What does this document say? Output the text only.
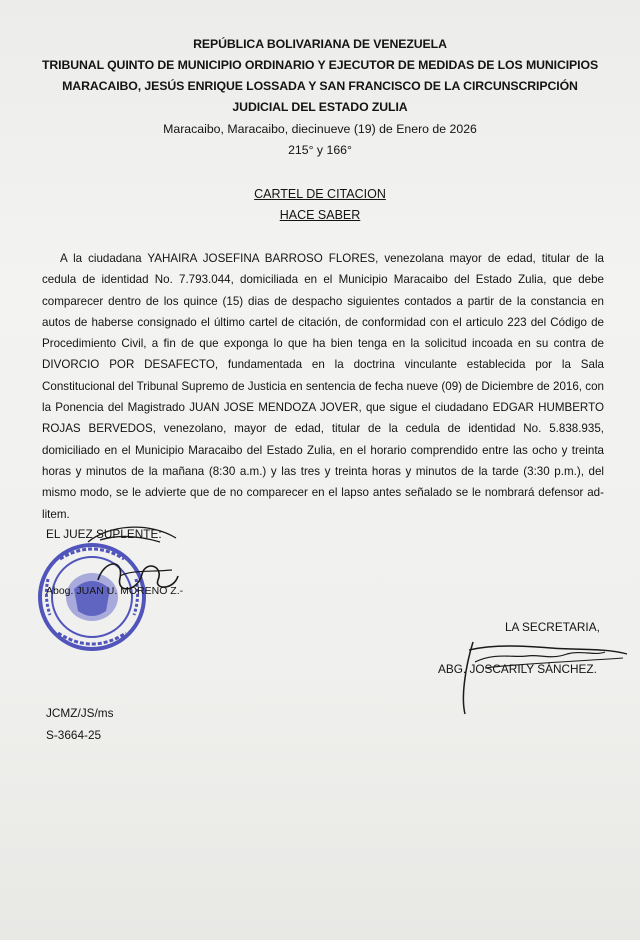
REPÚBLICA BOLIVARIANA DE VENEZUELA
TRIBUNAL QUINTO DE MUNICIPIO ORDINARIO Y EJECUTOR DE MEDIDAS DE LOS MUNICIPIOS
MARACAIBO, JESÚS ENRIQUE LOSSADA Y SAN FRANCISCO DE LA CIRCUNSCRIPCIÓN
JUDICIAL DEL ESTADO ZULIA
Maracaibo, Maracaibo, diecinueve (19) de Enero de 2026
215° y 166°
CARTEL DE CITACION
HACE SABER

A la ciudadana YAHAIRA JOSEFINA BARROSO FLORES, venezolana mayor de edad, titular de la cedula de identidad No. 7.793.044, domiciliada en el Municipio Maracaibo del Estado Zulia, que debe comparecer dentro de los quince (15) dias de despacho siguientes contados a partir de la constancia en autos de haberse consignado el último cartel de citación, de conformidad con el articulo 223 del Código de Procedimiento Civil, a fin de que exponga lo que ha bien tenga en la solicitud incoada en su contra de DIVORCIO POR DESAFECTO, fundamentada en la doctrina vinculante establecida por la Sala Constitucional del Tribunal Supremo de Justicia en sentencia de fecha nueve (09) de Diciembre de 2016, con la Ponencia del Magistrado JUAN JOSE MENDOZA JOVER, que sigue el ciudadano EDGAR HUMBERTO ROJAS BERVEDOS, venezolano, mayor de edad, titular de la cedula de identidad No. 5.838.935, domiciliado en el Municipio Maracaibo del Estado Zulia, en el horario comprendido entre las ocho y treinta horas y minutos de la mañana (8:30 a.m.) y las tres y treinta horas y minutos de la tarde (3:30 p.m.), del mismo modo, se le advierte que de no comparecer en el lapso antes señalado se le nombrará defensor ad-litem.

EL JUEZ SUPLENTE:
Abog. JUAN U. MORENO Z.-
LA SECRETARIA,
ABG. JOSCARILY SÁNCHEZ.
JCMZ/JS/ms
S-3664-25
